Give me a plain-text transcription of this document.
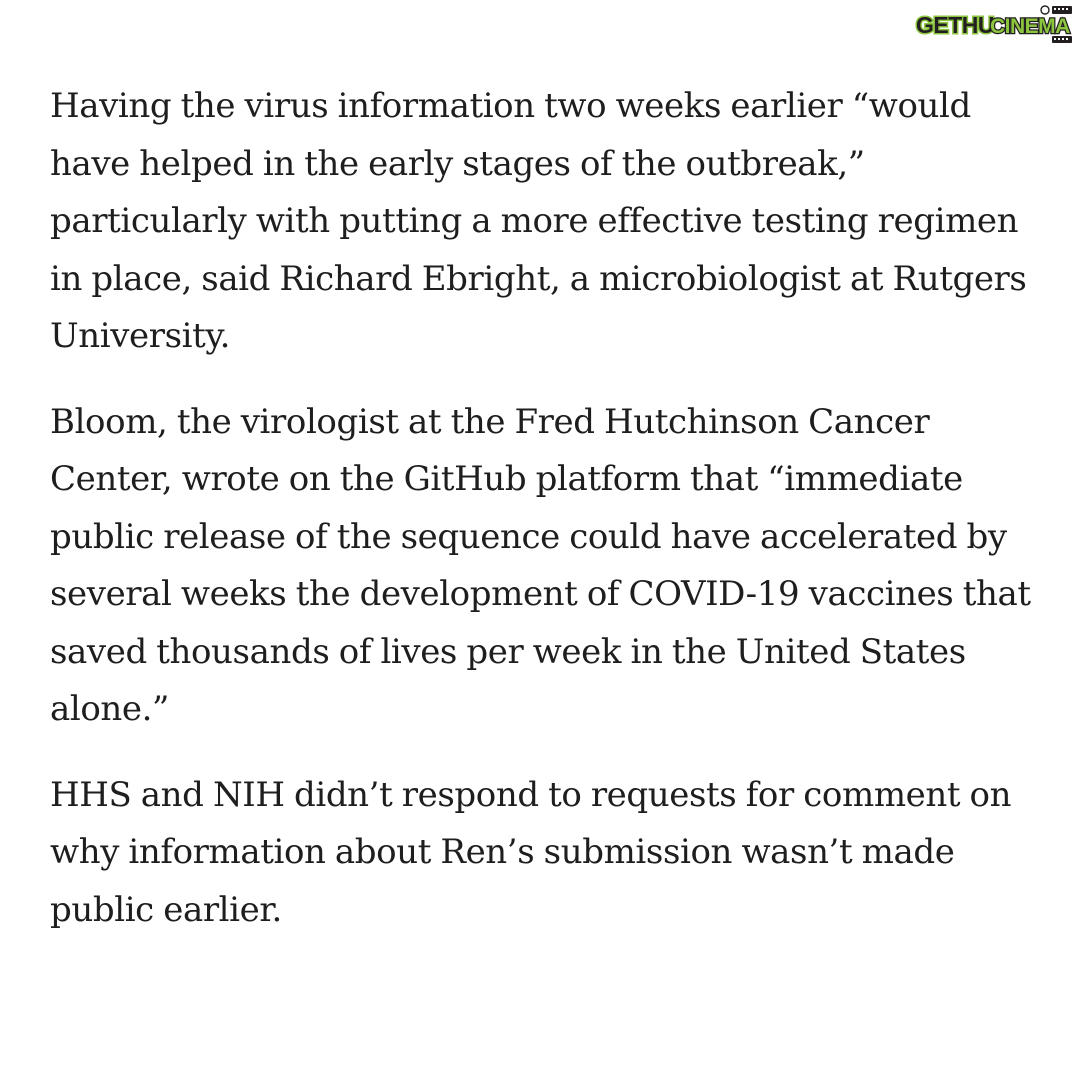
GETHU
CINEMA

Having the virus information two weeks earlier “would have helped in the early stages of the outbreak,” particularly with putting a more effective testing regimen in place, said Richard Ebright, a microbiologist at Rutgers University.

Bloom, the virologist at the Fred Hutchinson Cancer Center, wrote on the GitHub platform that “immediate public release of the sequence could have accelerated by several weeks the development of COVID-19 vaccines that saved thousands of lives per week in the United States alone.”

HHS and NIH didn’t respond to requests for comment on why information about Ren’s submission wasn’t made public earlier.
